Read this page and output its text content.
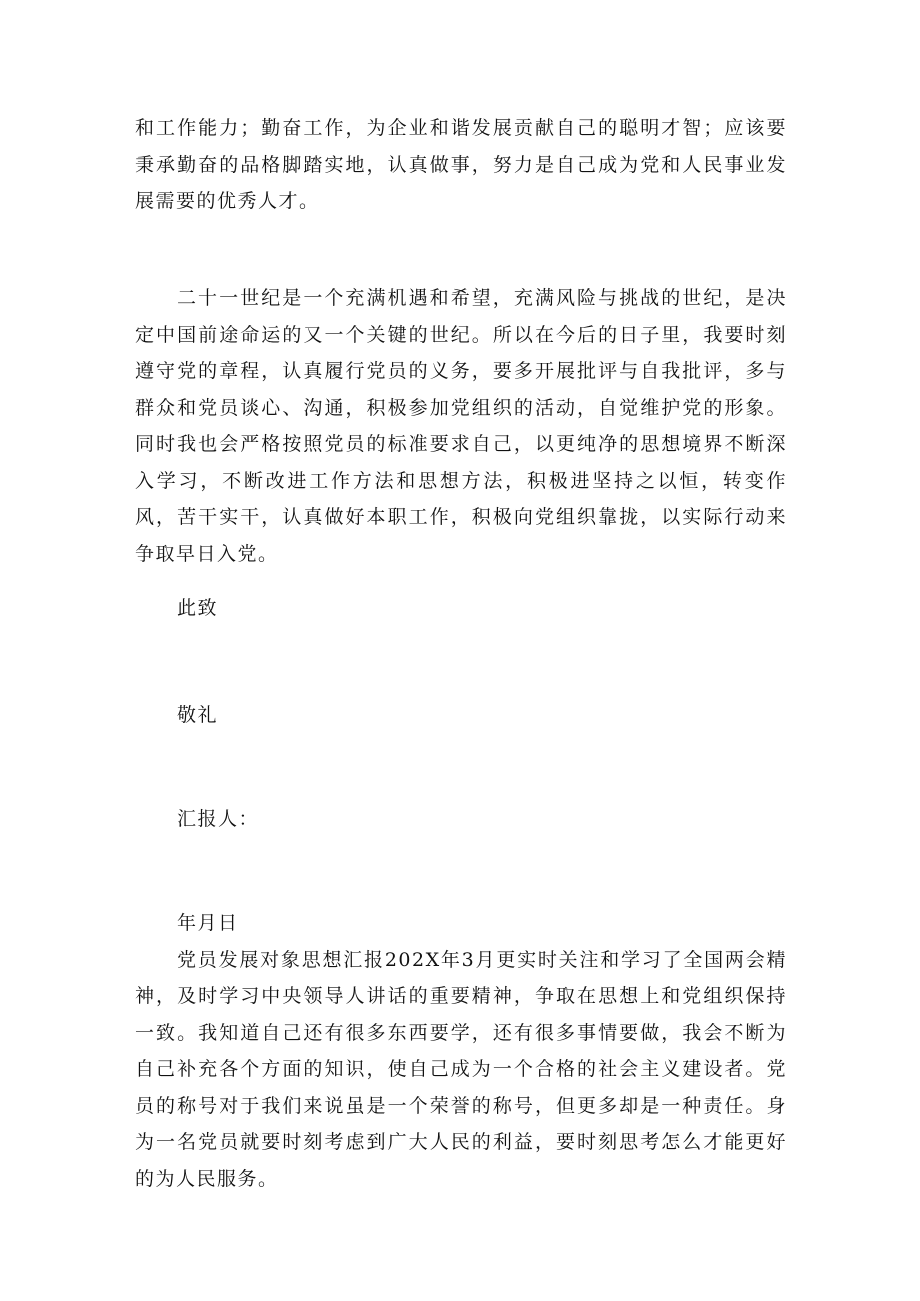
和工作能力；勤奋工作，为企业和谐发展贡献自己的聪明才智；应该要秉承勤奋的品格脚踏实地，认真做事，努力是自己成为党和人民事业发展需要的优秀人才。

二十一世纪是一个充满机遇和希望，充满风险与挑战的世纪，是决定中国前途命运的又一个关键的世纪。所以在今后的日子里，我要时刻遵守党的章程，认真履行党员的义务，要多开展批评与自我批评，多与群众和党员谈心、沟通，积极参加党组织的活动，自觉维护党的形象。同时我也会严格按照党员的标准要求自己，以更纯净的思想境界不断深入学习，不断改进工作方法和思想方法，积极进坚持之以恒，转变作风，苦干实干，认真做好本职工作，积极向党组织靠拢，以实际行动来争取早日入党。

此致

敬礼

汇报人：

年月日

党员发展对象思想汇报202X年3月更实时关注和学习了全国两会精神，及时学习中央领导人讲话的重要精神，争取在思想上和党组织保持一致。我知道自己还有很多东西要学，还有很多事情要做，我会不断为自己补充各个方面的知识，使自己成为一个合格的社会主义建设者。党员的称号对于我们来说虽是一个荣誉的称号，但更多却是一种责任。身为一名党员就要时刻考虑到广大人民的利益，要时刻思考怎么才能更好的为人民服务。
